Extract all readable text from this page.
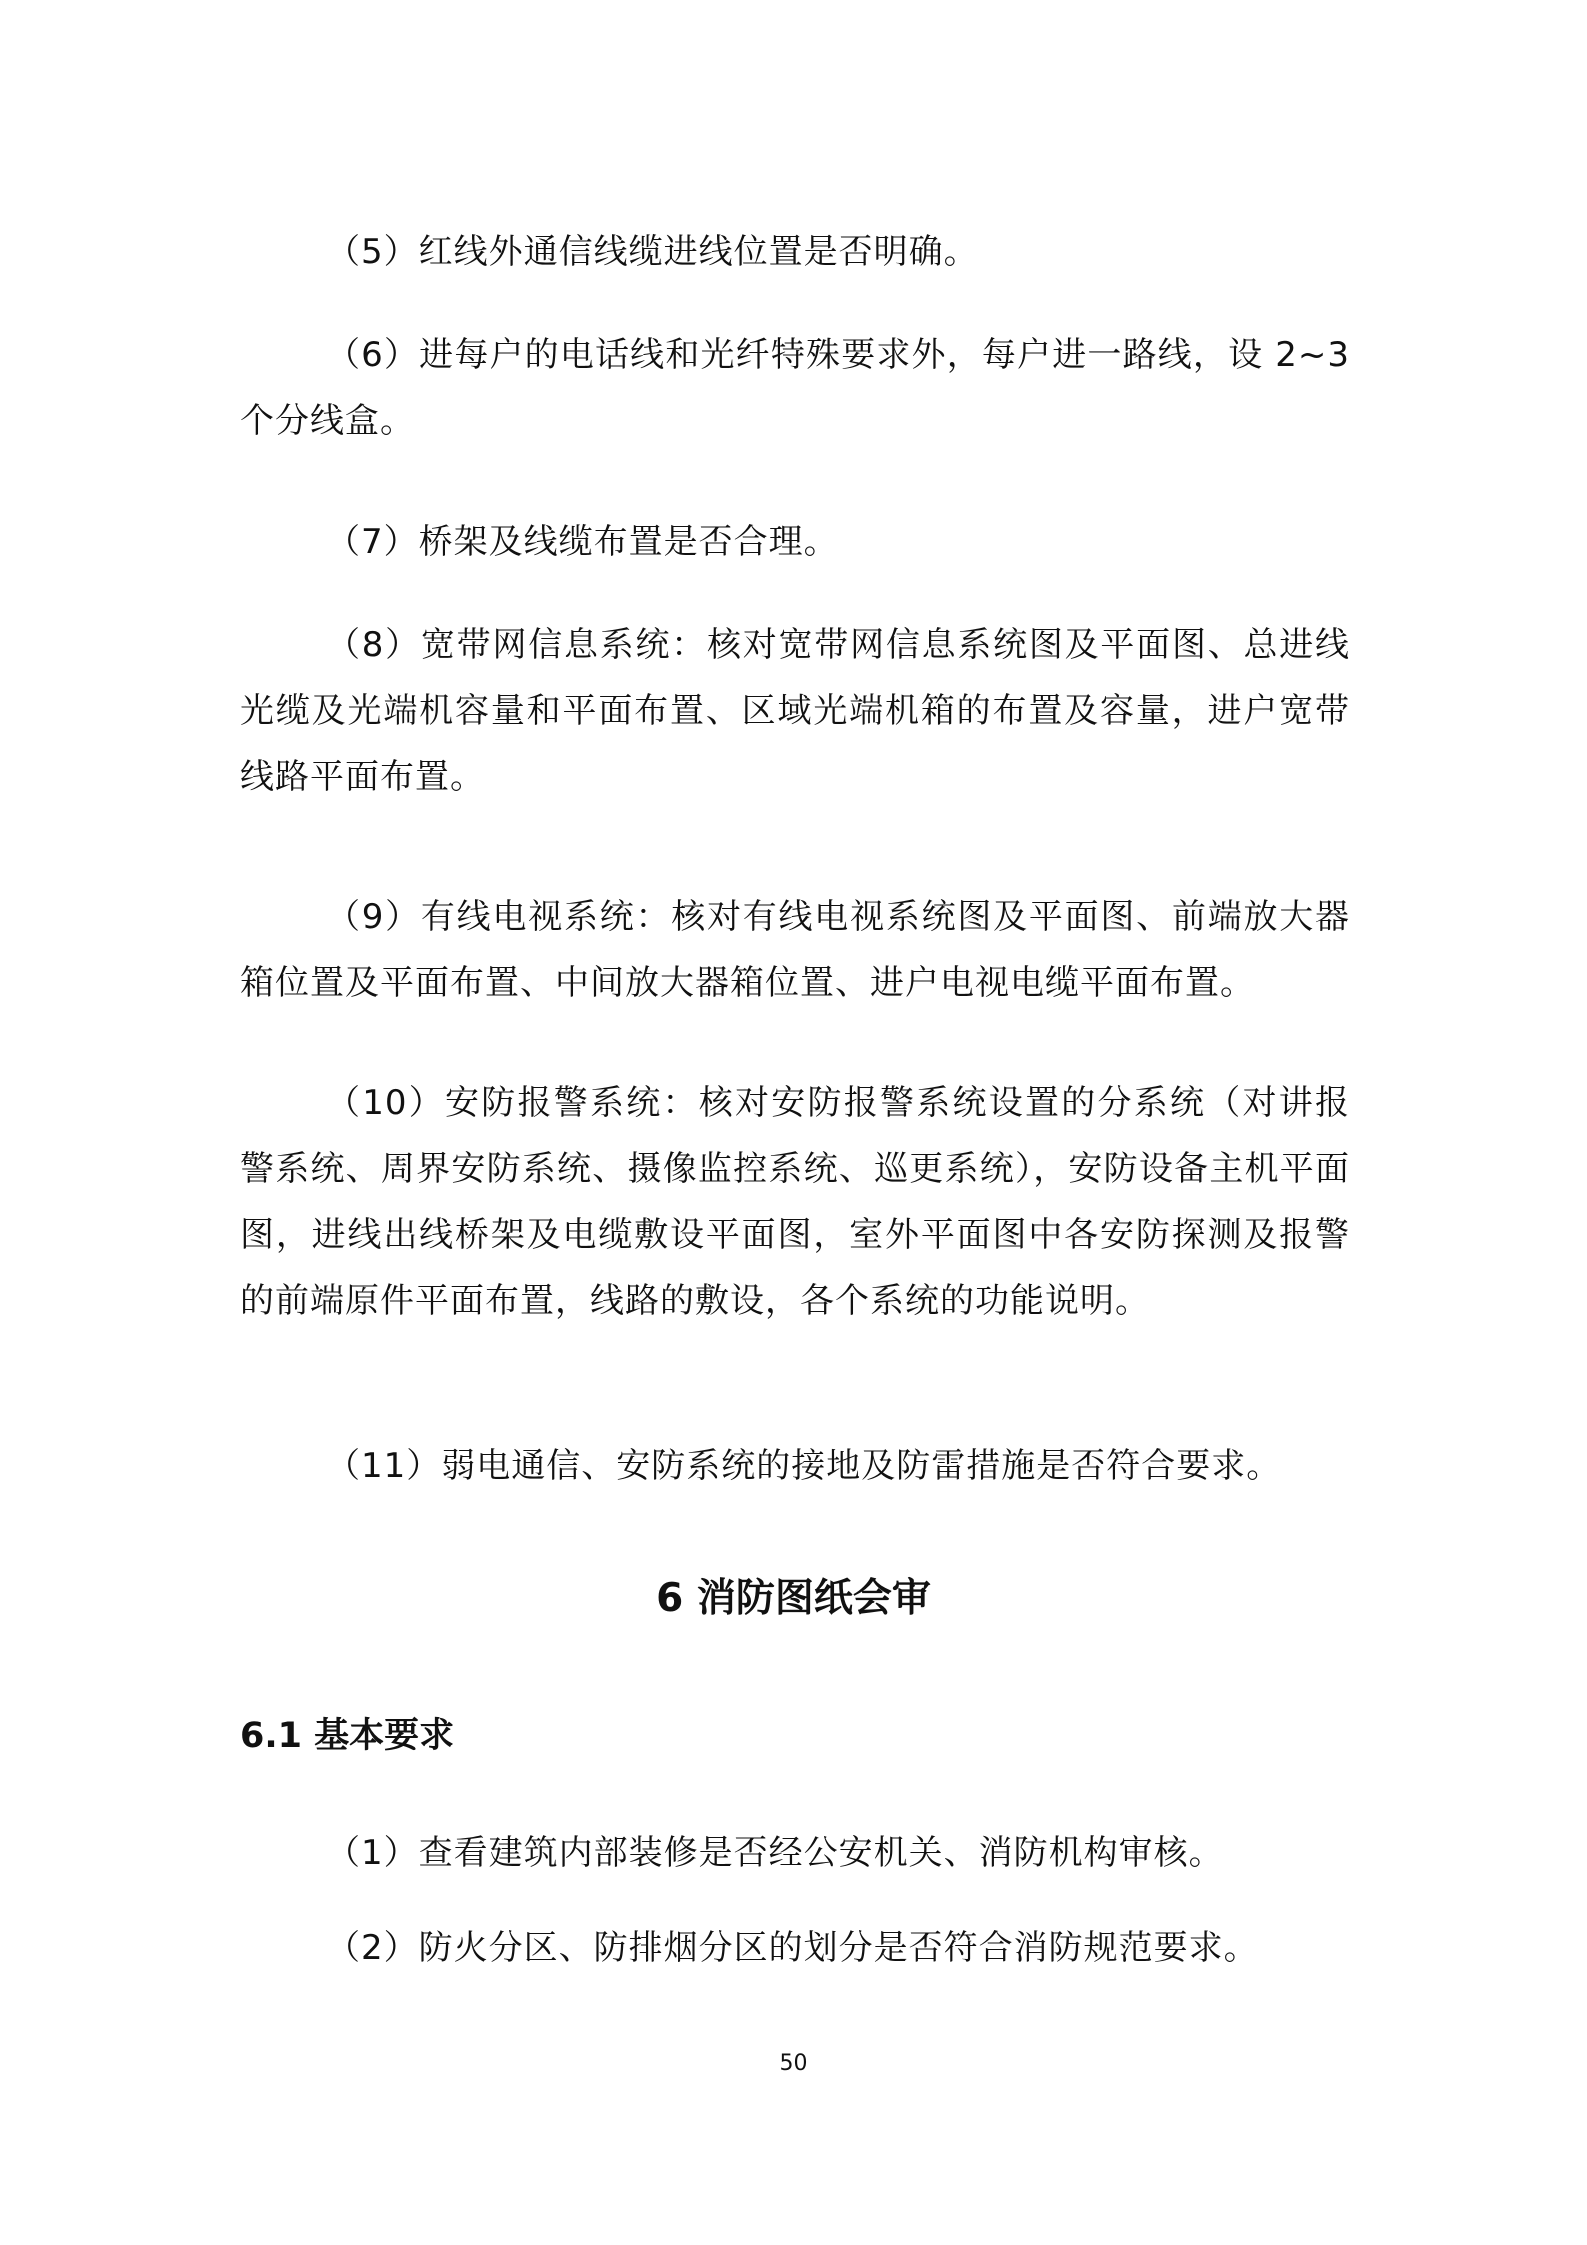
（5）红线外通信线缆进线位置是否明确。

（6）进每户的电话线和光纤特殊要求外，每户进一路线，设 2~3 个分线盒。

（7）桥架及线缆布置是否合理。

（8）宽带网信息系统：核对宽带网信息系统图及平面图、总进线光缆及光端机容量和平面布置、区域光端机箱的布置及容量，进户宽带线路平面布置。

（9）有线电视系统：核对有线电视系统图及平面图、前端放大器箱位置及平面布置、中间放大器箱位置、进户电视电缆平面布置。

（10）安防报警系统：核对安防报警系统设置的分系统（对讲报警系统、周界安防系统、摄像监控系统、巡更系统），安防设备主机平面图，进线出线桥架及电缆敷设平面图，室外平面图中各安防探测及报警的前端原件平面布置，线路的敷设，各个系统的功能说明。

（11）弱电通信、安防系统的接地及防雷措施是否符合要求。

6 消防图纸会审
6.1 基本要求

（1）查看建筑内部装修是否经公安机关、消防机构审核。

（2）防火分区、防排烟分区的划分是否符合消防规范要求。

50
